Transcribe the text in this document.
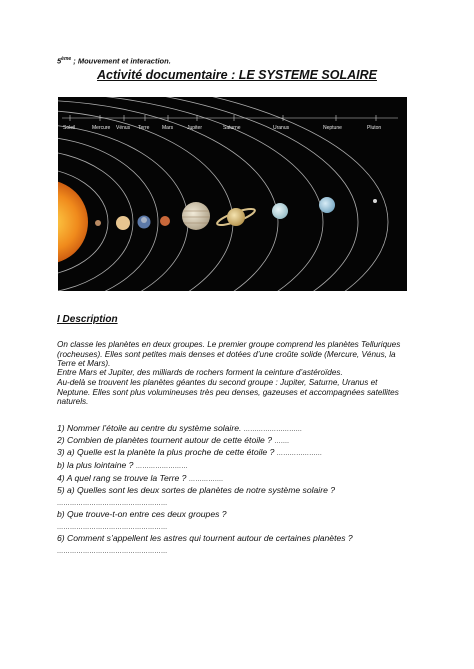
5ème ; Mouvement et interaction.
Activité documentaire : LE SYSTEME SOLAIRE
Soleil	Mercure Vénus Terre	Mars	Jupiter	Saturne	Uranus	Neptune	Pluton
I Description
On classe les planètes en deux groupes. Le premier groupe comprend les planètes Telluriques (rocheuses). Elles sont petites mais denses et dotées d’une croûte solide (Mercure, Vénus, la Terre et Mars).
Entre Mars et Jupiter, des milliards de rochers forment la ceinture d’astéroïdes.
Au-delà se trouvent les planètes géantes du second groupe : Jupiter, Saturne, Uranus et Neptune. Elles sont plus volumineuses très peu denses, gazeuses et accompagnées satellites naturels.
1) Nommer l’étoile au centre du système solaire. ………………………
2) Combien de planètes tournent autour de cette étoile ? …….
3) a) Quelle est la planète la plus proche de cette étoile ? …………………
b) la plus lointaine ? ……………………
4) A quel rang se trouve la Terre ? …………….
5) a) Quelles sont les deux sortes de planètes de notre système solaire ?
……………………………………………
b) Que trouve-t-on entre ces deux groupes ?
……………………………………………
6) Comment s’appellent les astres qui tournent autour de certaines planètes ?
……………………………………………
